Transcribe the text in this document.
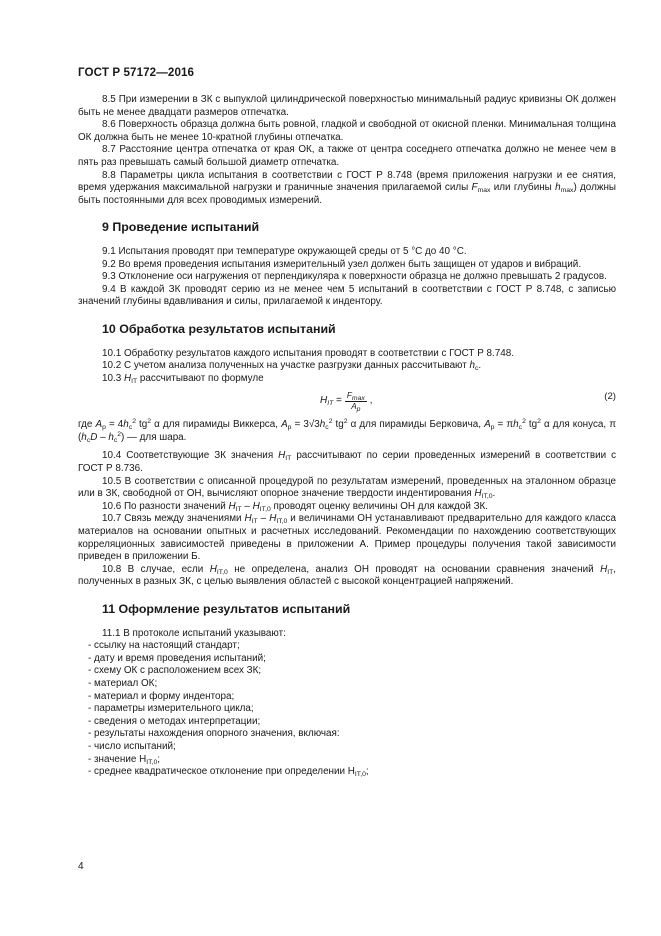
ГОСТ Р 57172—2016

8.5 При измерении в ЗК с выпуклой цилиндрической поверхностью минимальный радиус кривизны ОК должен быть не менее двадцати размеров отпечатка.

8.6 Поверхность образца должна быть ровной, гладкой и свободной от окисной пленки. Минимальная толщина ОК должна быть не менее 10-кратной глубины отпечатка.

8.7 Расстояние центра отпечатка от края ОК, а также от центра соседнего отпечатка должно не менее чем в пять раз превышать самый большой диаметр отпечатка.

8.8 Параметры цикла испытания в соответствии с ГОСТ Р 8.748 (время приложения нагрузки и ее снятия, время удержания максимальной нагрузки и граничные значения прилагаемой силы $F_{max}$ или глубины $h_{max}$) должны быть постоянными для всех проводимых измерений.

9 Проведение испытаний

9.1 Испытания проводят при температуре окружающей среды от 5 °С до 40 °С.

9.2 Во время проведения испытания измерительный узел должен быть защищен от ударов и вибраций.

9.3 Отклонение оси нагружения от перпендикуляра к поверхности образца не должно превышать 2 градусов.

9.4 В каждой ЗК проводят серию из не менее чем 5 испытаний в соответствии с ГОСТ Р 8.748, с записью значений глубины вдавливания и силы, прилагаемой к индентору.

10 Обработка результатов испытаний

10.1 Обработку результатов каждого испытания проводят в соответствии с ГОСТ Р 8.748.

10.2 С учетом анализа полученных на участке разгрузки данных рассчитывают $h_c$.

10.3 $H_{IT}$ рассчитывают по формуле

$H_{IT} = \frac{F_{max}}{A_p}$ ,	(2)

где $A_p = 4h_c^2$ $tg^2$ α для пирамиды Виккерса, $A_p = 3√3h_c^2$ $tg^2$ α для пирамиды Берковича, $A_p = \pi h_c^2$ $tg^2$ α для конуса, π $(h_cD - h_c^2)$ — для шара.

10.4 Соответствующие ЗК значения $H_{IT}$ рассчитывают по серии проведенных измерений в соответствии с ГОСТ Р 8.736.

10.5 В соответствии с описанной процедурой по результатам измерений, проведенных на эталонном образце или в ЗК, свободной от ОН, вычисляют опорное значение твердости индентирования $H_{IT,0}$.

10.6 По разности значений $H_{IT} - H_{IT,0}$ проводят оценку величины ОН для каждой ЗК.

10.7 Связь между значениями $H_{IT} - H_{IT,0}$ и величинами ОН устанавливают предварительно для каждого класса материалов на основании опытных и расчетных исследований. Рекомендации по нахождению соответствующих корреляционных зависимостей приведены в приложении А. Пример процедуры получения такой зависимости приведен в приложении Б.

10.8 В случае, если $H_{IT,0}$ не определена, анализ ОН проводят на основании сравнения значений $H_{IT}$, полученных в разных ЗК, с целью выявления областей с высокой концентрацией напряжений.

11 Оформление результатов испытаний

11.1 В протоколе испытаний указывают:

- ссылку на настоящий стандарт;

- дату и время проведения испытаний;

- схему ОК с расположением всех ЗК;

- материал ОК;

- материал и форму индентора;

- параметры измерительного цикла;

- сведения о методах интерпретации;

- результаты нахождения опорного значения, включая:

- число испытаний;

- значение $H_{IT,0}$;

- среднее квадратическое отклонение при определении $H_{IT,0}$;

4
